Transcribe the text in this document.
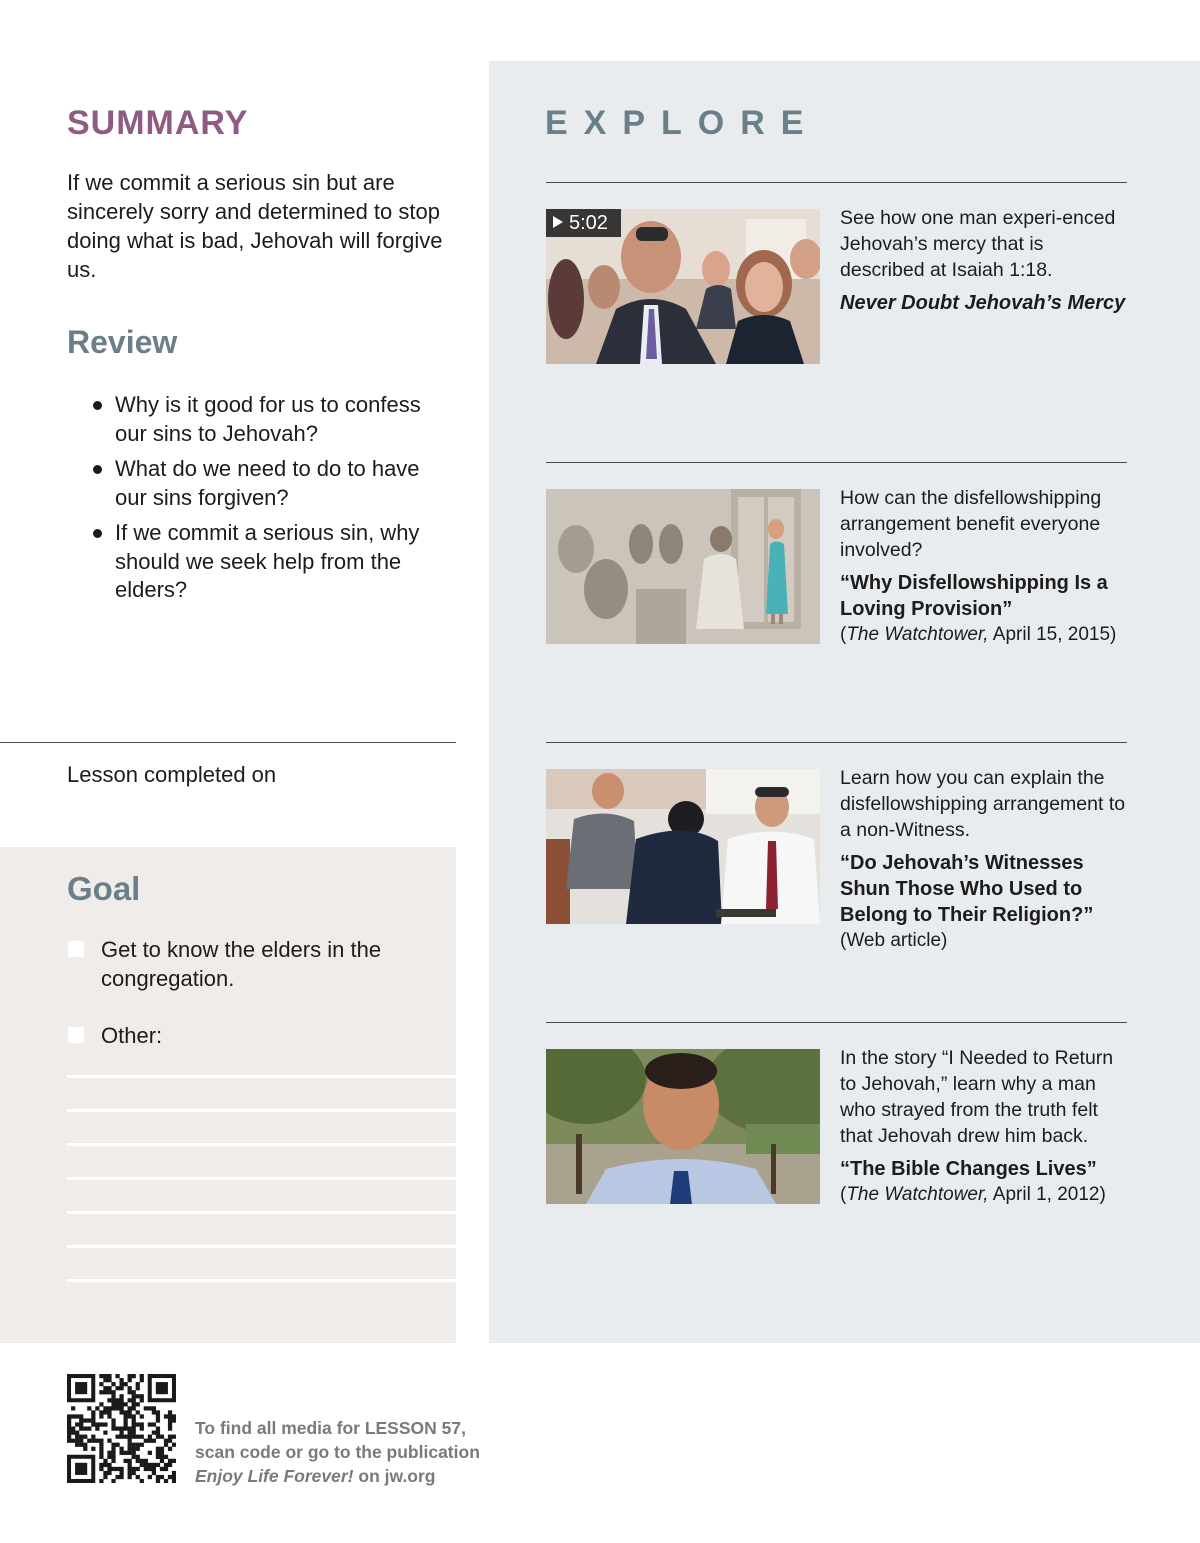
SUMMARY
If we commit a serious sin but are sincerely sorry and determined to stop doing what is bad, Jehovah will forgive us.
Review
Why is it good for us to confess our sins to Jehovah?
What do we need to do to have our sins forgiven?
If we commit a serious sin, why should we seek help from the elders?
Lesson completed on
Goal
Get to know the elders in the congregation.
Other:
EXPLORE
5:02	See how one man experi-enced Jehovah’s mercy that is described at Isaiah 1:18.
Never Doubt Jehovah’s Mercy
How can the disfellowshipping arrangement benefit everyone involved?
“Why Disfellowshipping Is a Loving Provision”
(The Watchtower, April 15, 2015)
Learn how you can explain the disfellowshipping arrangement to a non-Witness.
“Do Jehovah’s Witnesses Shun Those Who Used to Belong to Their Religion?”
(Web article)
In the story “I Needed to Return to Jehovah,” learn why a man who strayed from the truth felt that Jehovah drew him back.
“The Bible Changes Lives”
(The Watchtower, April 1, 2012)
To find all media for LESSON 57,
scan code or go to the publication
Enjoy Life Forever! on jw.org
